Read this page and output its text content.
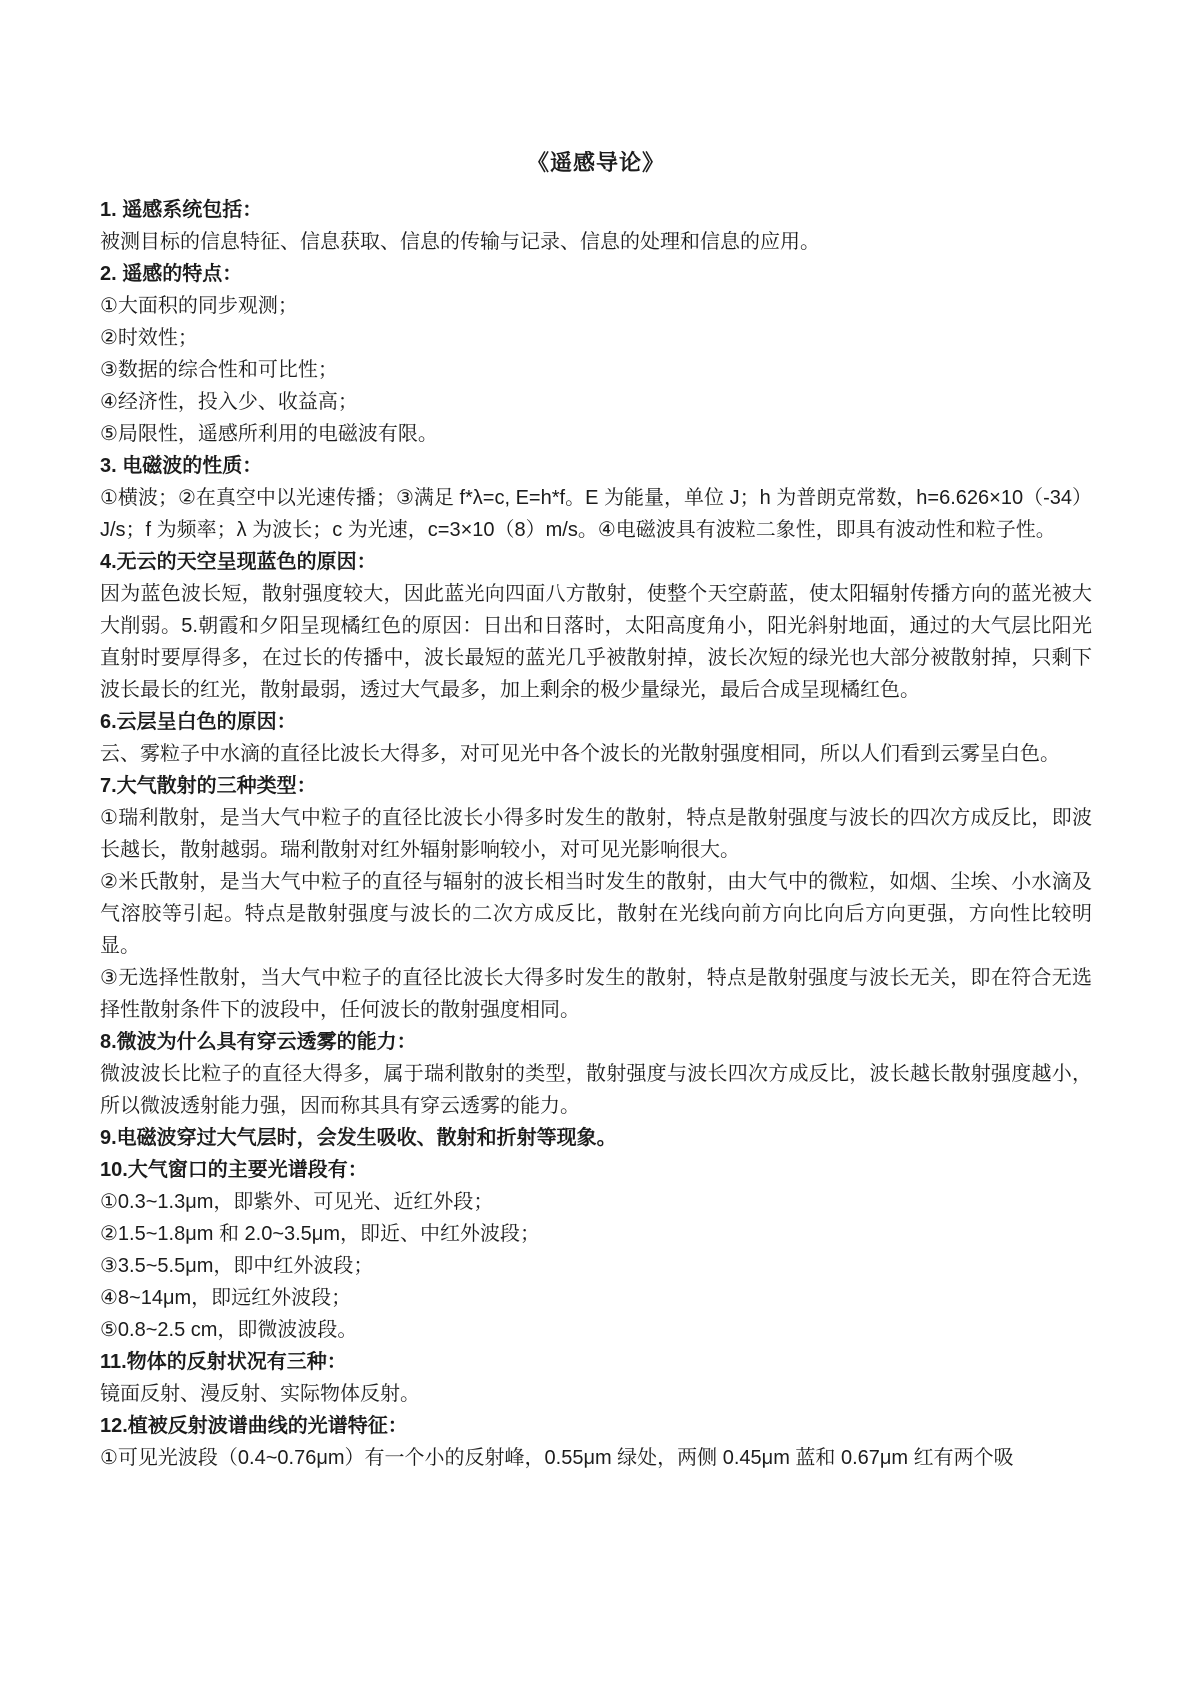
《遥感导论》
1. 遥感系统包括：

被测目标的信息特征、信息获取、信息的传输与记录、信息的处理和信息的应用。

2. 遥感的特点：

①大面积的同步观测；

②时效性；

③数据的综合性和可比性；

④经济性，投入少、收益高；

⑤局限性，遥感所利用的电磁波有限。

3. 电磁波的性质：

①横波；②在真空中以光速传播；③满足 f*λ=c, E=h*f。E 为能量，单位 J；h 为普朗克常数，h=6.626×10（-34）J/s；f 为频率；λ 为波长；c 为光速，c=3×10（8）m/s。④电磁波具有波粒二象性，即具有波动性和粒子性。

4.无云的天空呈现蓝色的原因：

因为蓝色波长短，散射强度较大，因此蓝光向四面八方散射，使整个天空蔚蓝，使太阳辐射传播方向的蓝光被大大削弱。5.朝霞和夕阳呈现橘红色的原因：日出和日落时，太阳高度角小，阳光斜射地面，通过的大气层比阳光直射时要厚得多，在过长的传播中，波长最短的蓝光几乎被散射掉，波长次短的绿光也大部分被散射掉，只剩下波长最长的红光，散射最弱，透过大气最多，加上剩余的极少量绿光，最后合成呈现橘红色。

6.云层呈白色的原因：

云、雾粒子中水滴的直径比波长大得多，对可见光中各个波长的光散射强度相同，所以人们看到云雾呈白色。

7.大气散射的三种类型：

①瑞利散射，是当大气中粒子的直径比波长小得多时发生的散射，特点是散射强度与波长的四次方成反比，即波长越长，散射越弱。瑞利散射对红外辐射影响较小，对可见光影响很大。

②米氏散射，是当大气中粒子的直径与辐射的波长相当时发生的散射，由大气中的微粒，如烟、尘埃、小水滴及气溶胶等引起。特点是散射强度与波长的二次方成反比，散射在光线向前方向比向后方向更强，方向性比较明显。

③无选择性散射，当大气中粒子的直径比波长大得多时发生的散射，特点是散射强度与波长无关，即在符合无选择性散射条件下的波段中，任何波长的散射强度相同。

8.微波为什么具有穿云透雾的能力：

微波波长比粒子的直径大得多，属于瑞利散射的类型，散射强度与波长四次方成反比，波长越长散射强度越小，所以微波透射能力强，因而称其具有穿云透雾的能力。

9.电磁波穿过大气层时，会发生吸收、散射和折射等现象。
10.大气窗口的主要光谱段有：

①0.3~1.3μm，即紫外、可见光、近红外段；

②1.5~1.8μm 和 2.0~3.5μm，即近、中红外波段；

③3.5~5.5μm，即中红外波段；

④8~14μm，即远红外波段；

⑤0.8~2.5 cm，即微波波段。

11.物体的反射状况有三种：

镜面反射、漫反射、实际物体反射。

12.植被反射波谱曲线的光谱特征：

①可见光波段（0.4~0.76μm）有一个小的反射峰，0.55μm 绿处，两侧 0.45μm 蓝和 0.67μm 红有两个吸
